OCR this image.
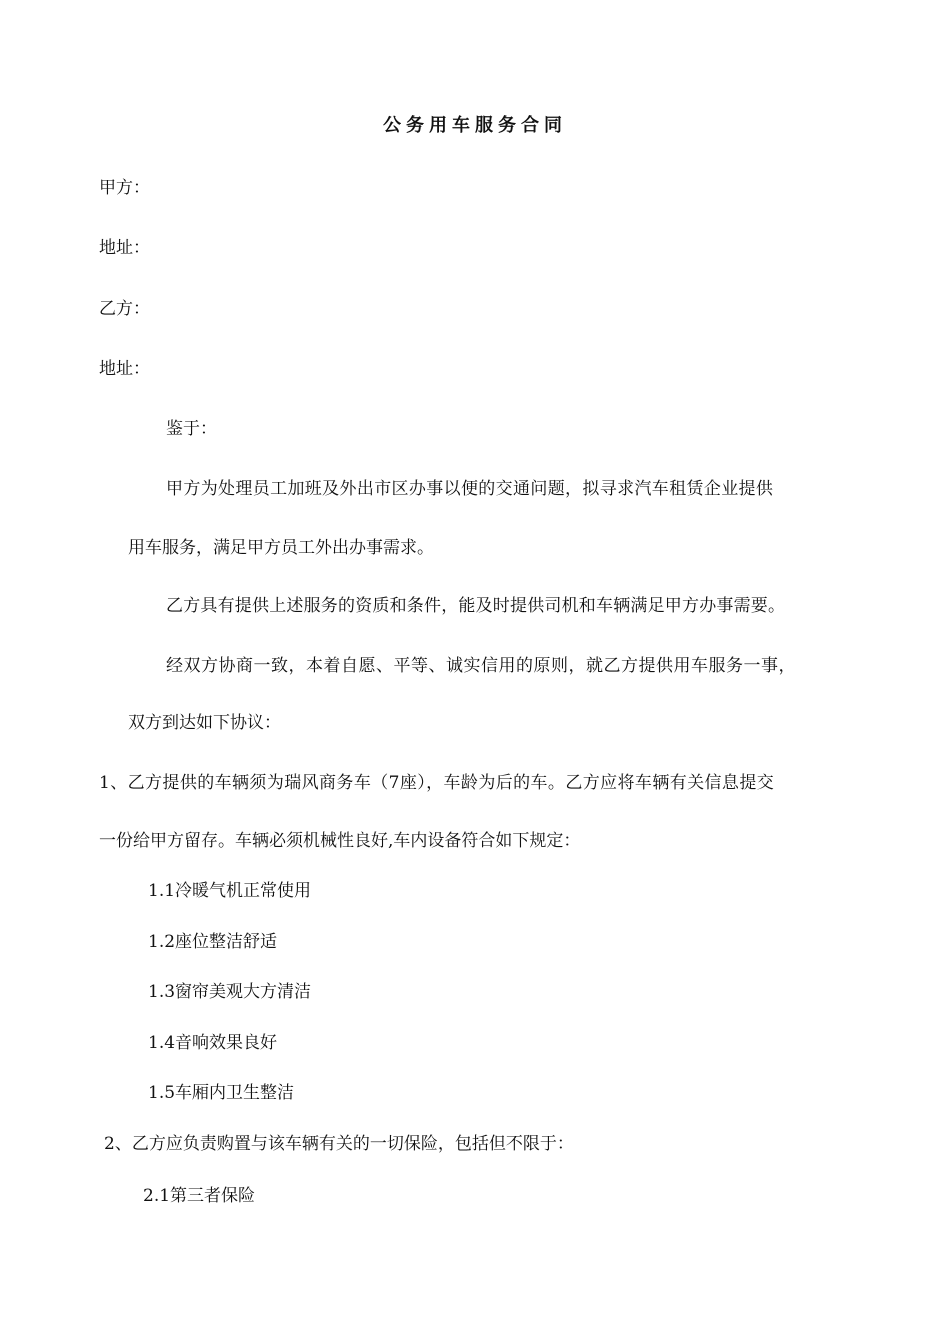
公务用车服务合同

甲方：

地址：

乙方：

地址：

鉴于：

甲方为处理员工加班及外出市区办事以便的交通问题，拟寻求汽车租赁企业提供

用车服务，满足甲方员工外出办事需求。

乙方具有提供上述服务的资质和条件，能及时提供司机和车辆满足甲方办事需要。

经双方协商一致，本着自愿、平等、诚实信用的原则，就乙方提供用车服务一事，

双方到达如下协议：

1、乙方提供的车辆须为瑞风商务车（7座），车龄为后的车。乙方应将车辆有关信息提交

一份给甲方留存。车辆必须机械性良好,车内设备符合如下规定：

1.1冷暖气机正常使用

1.2座位整洁舒适

1.3窗帘美观大方清洁

1.4音响效果良好

1.5车厢内卫生整洁

2、乙方应负责购置与该车辆有关的一切保险，包括但不限于：

2.1第三者保险
